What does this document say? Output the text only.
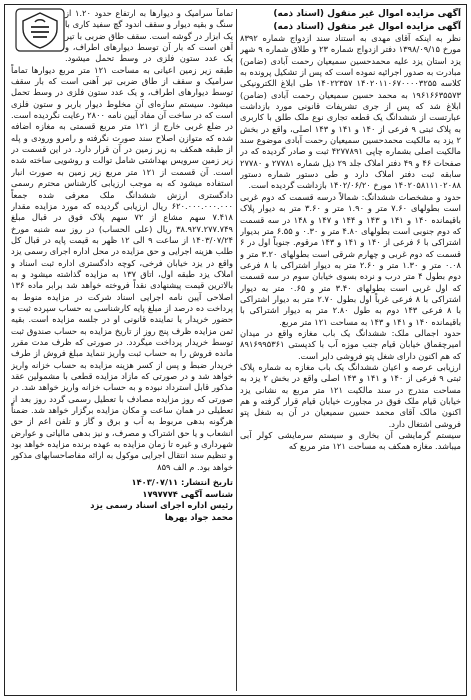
آگهی مزایده اموال غیر منقول (اسناد ذمه)

آگهی مزایده اموال غیر منقول (اسناد ذمه)

نظر به اینکه آقای مهدی به استناد سند ازدواج شماره ۸۳۹۲ مورخ ۱۳۹۸/۰۹/۱۵ دفتر ازدواج شماره ۲۳ و طلاق شماره ۹ شهر یزد استان یزد علیه محمدحسین سمیعیان رحمت آبادی (ضامن) مبادرت به صدور اجرائیه نموده است که پس از تشکیل پرونده به کلاسه ۱۴۰۲۰۱۱۰۶۷۰۰۰۰۳۲۵۵ ۱۴۰۲۲۳۵۷ طی ابلاغ الکترونیکی ۱۹۶۱۶۶۳۵۵۷۳ به محمد حسین سمیعیان رحمت آبادی (ضامن) ابلاغ شد که پس از جری تشریفات قانونی مورد بازداشت عبارتست از ششدانگ یک قطعه تجاری نوع ملک طلق با کاربری به پلاک ثبتی ۹ فرعی از ۱۴۰ و ۱۴۱ و ۱۴۳ اصلی، واقع در بخش ۲ یزد به مالکیت محمدحسین سمیعیان رحمت آبادی موضوع سند مالکیت اصلی بشماره چاپی ۴۲۷۷۸۹۱ ثبت و صادر گردیده که در صفحات ۴۶ و ۴۹ دفتر املاک جلد ۲۹ ذیل شماره ۲۷۷۸۱ و ۲۷۷۸۰ سابقه ثبت دفتر املاک دارد و طی دستور شماره دستور ۱۴۰۲۰۵۸۱۱۱۰۲۰۸۸ مورخ ۱۴۰۲/۰۶/۲۰ بازداشت گردیده است.

حدود و مشخصات ششدانگ: شمالاً درسه قسمت که دوم غربی است بطولهای ۷.۶۰ متر و ۱.۹۰ متر و ۳.۶۰ متر به دیوار پلاک باقیمانده ۱۴۰ و ۱۴۱ و ۱۴۳ و ۱۴۴ و ۱۴۷ و ۱۴۸ در سه قسمت که دوم جنوبی است بطولهای ۴.۸۰ متر و ۰.۳۰ و ۶.۵۵ متر بدیوار اشتراکی با ۶ فرعی از ۱۴۰ و ۱۴۱ و ۱۴۳ مرقوم. جنوباً اول در ۶ قسمت که دوم غربی و چهارم شرقی است بطولهای ۳.۲۰ متر و ۰.۰۸ متر و ۱.۳۰ متر و ۲.۶۰ متر به دیوار اشتراکی با ۸ فرعی دوم بطول ۴ متر درب و نرده بسوی خیابان سوم در سه قسمت که اول غربی است بطولهای ۳.۴۰ متر و ۰.۶۵ متر به دیوار اشتراکی با ۸ فرعی غرباً اول بطول ۲.۷۰ متر به دیوار اشتراکی با ۸ فرعی ۱۴۳ دوم به طول ۲.۸۰ متر به دیوار اشتراکی با باقیمانده ۱۴۰ و ۱۴۱ و ۱۴۳ به مساحت ۱۲۱ متر مربع.

حدود اجمالی ملک: ششدانگ یک باب مغازه واقع در میدان امیرچقماق خیابان قیام جنب موزه آب با کدپستی ۸۹۱۶۹۹۵۳۶۱ که هم اکنون دارای شغل پتو فروشی دایر است.

ارزیابی عرصه و اعیان ششدانگ یک باب مغازه به شماره پلاک ثبتی ۹ فرعی از ۱۴۰ و ۱۴۱ و ۱۴۳ اصلی واقع در بخش ۲ یزد به مساحت مندرج در سند مالکیت ۱۲۱ متر مربع به نشانی یزد خیابان قیام ملک فوق در مجاورت خیابان قیام قرار گرفته و هم اکنون مالک آقای محمد حسین سمیعیان در آن به شغل پتو فروشی اشتغال دارد.

سیستم گرمایشی آن بخاری و سیستم سرمایشی کولر آبی میباشد. مغازه همکف به مساحت ۱۲۱ متر مربع که

تماماً سرامیک و دیوارها به ارتفاع حدود ۱.۲۰ از سنگ و بقیه دیوار و سقف اندود گچ سفید کاری با یک ابزار در گوشه است. سقف طاق ضربی با تیر آهن است که بار آن توسط دیوارهای اطراف، و یک عدد ستون فلزی در وسط تحمل میشود. طبقه زیر زمین اعیانی به مساحت ۱۲۱ متر مربع دیوارها تماماً سرامیک و سقف از طاق ضربی تیر آهنی است که بار سقف توسط دیوارهای اطراف، و یک عدد ستون فلزی در وسط تحمل میشود. سیستم سازه‌ای آن مخلوط دیوار باربر و ستون فلزی است که در ساخت آن مفاد آیین نامه ۲۸۰۰ رعایت نگردیده است. در ضلع غربی خارج از ۱۲۱ متر مربع قسمتی به مغازه اضافه شده که متوازن اصلاح سند صورت نگرفته و رامرو ورودی و پله از طبقه همکف به زیر زمین در آن قرار دارد. در این قسمت در زیر زمین سرویس بهداشتی شامل توالت و روشویی ساخته شده است. آن قسمت از ۱۲۱ متر مربع زیر زمین به صورت انبار استفاده میشود که به موجب ارزیابی کارشناس محترم رسمی دادگستری ارزش ششدانگ ملک معرفی شده جمعاً ۶۲۰.۰۰۰.۰۰۰.۰۰۰ ریال ارزیابی گردیده که مورد مزایده مقدار ۷.۴۱۸ سهم مشاع از ۷۲ سهم پلاک فوق در قبال مبلغ ۳۸.۹۲۷.۲۷۷.۷۴۹ ریال (علی الحساب) در روز سه شنبه مورخ ۱۴۰۳/۰۷/۲۴ از ساعت ۹ الی ۱۲ ظهر به قیمت پایه در قبال کل طلب هزینه اجرایی و حق مزایده در محل اداره اجرای رسمی یزد واقع در یزد خیابان فرخی، کوچه دادگستری اداره ثبت اسناد و املاک یزد طبقه اول، اتاق ۱۳۷ به مزایده گذاشته میشود و به بالاترین قیمت پیشنهادی نقداً فروخته خواهد شد برابر ماده ۱۳۶ اصلاحی آیین نامه اجرایی اسناد شرکت در مزایده منوط به پرداخت ده درصد از مبلغ پایه کارشناسی به حساب سپرده ثبت و حضور خریدار یا نماینده قانونی او در جلسه مزایده است. بقیه ثمن مزایده ظرف پنج روز از تاریخ مزایده به حساب صندوق ثبت توسط خریدار پرداخت میگردد. در صورتی که ظرف مدت مقرر مانده فروش را به حساب ثبت واریز ننماید مبلغ فروش از طرف خریدار ضبط و پس از کسر هزینه مزایده به حساب خزانه واریز خواهد شد و در صورتی که مازاد مزایده قطعی با مشمولین عقد مذکور قابل استرداد نبوده و به حساب خزانه واریز خواهد شد. در صورتی که روز مزایده مصادف با تعطیل رسمی گردد روز بعد از تعطیلی در همان ساعت و مکان مزایده برگزار خواهد شد. ضمناً هرگونه بدهی مربوط به آب و برق و گاز و تلفن اعم از حق انشعاب و یا حق اشتراک و مصرف، و نیز بدهی مالیاتی و عوارض شهرداری و غیره تا زمان مزایده به عهده برنده مزایده خواهد بود و تنظیم سند انتقال اجرایی موکول به ارائه مفاصاحسابهای مذکور خواهد بود. م الف ۸۵۹

تاریخ انتشار: ۱۴۰۳/۰۷/۱۱
شناسه آگهی ۱۷۹۷۷۷۴
رئیس اداره اجرای اسناد رسمی یزد
محمد جواد بهرها
